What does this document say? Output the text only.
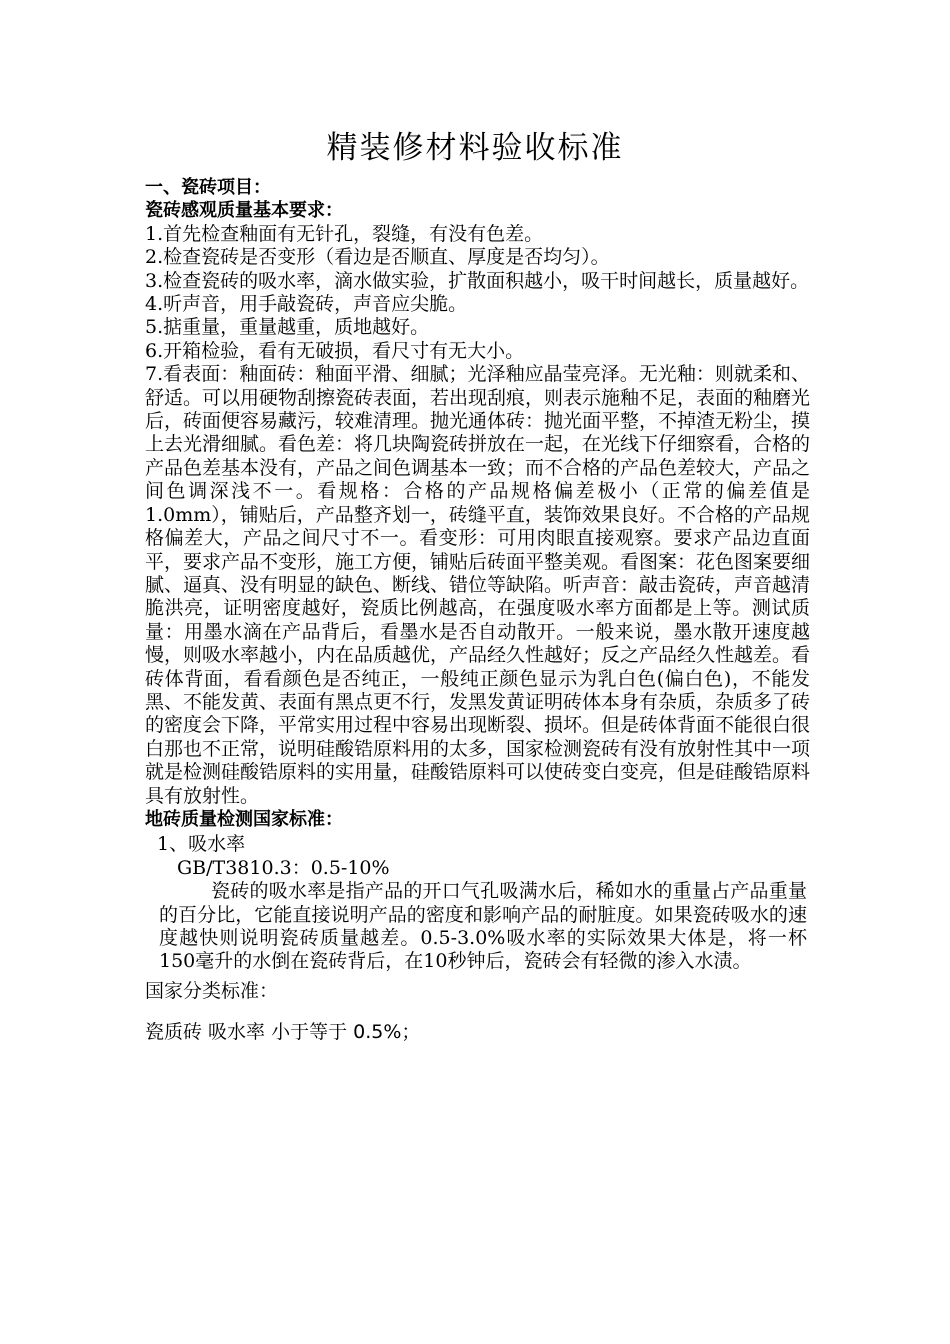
精装修材料验收标准

一、瓷砖项目：

瓷砖感观质量基本要求：

1.首先检查釉面有无针孔，裂缝，有没有色差。

2.检查瓷砖是否变形（看边是否顺直、厚度是否均匀）。

3.检查瓷砖的吸水率，滴水做实验，扩散面积越小，吸干时间越长，质量越好。

4.听声音，用手敲瓷砖，声音应尖脆。

5.掂重量，重量越重，质地越好。

6.开箱检验，看有无破损，看尺寸有无大小。

7.看表面：釉面砖：釉面平滑、细腻；光泽釉应晶莹亮泽。无光釉：则就柔和、舒适。可以用硬物刮擦瓷砖表面，若出现刮痕，则表示施釉不足，表面的釉磨光后，砖面便容易藏污，较难清理。抛光通体砖：抛光面平整，不掉渣无粉尘，摸上去光滑细腻。看色差：将几块陶瓷砖拼放在一起，在光线下仔细察看，合格的产品色差基本没有，产品之间色调基本一致；而不合格的产品色差较大，产品之间色调深浅不一。看规格：合格的产品规格偏差极小（正常的偏差值是1.0mm），铺贴后，产品整齐划一，砖缝平直，装饰效果良好。不合格的产品规格偏差大，产品之间尺寸不一。看变形：可用肉眼直接观察。要求产品边直面平，要求产品不变形，施工方便，铺贴后砖面平整美观。看图案：花色图案要细腻、逼真、没有明显的缺色、断线、错位等缺陷。听声音：敲击瓷砖，声音越清脆洪亮，证明密度越好，瓷质比例越高，在强度吸水率方面都是上等。测试质量：用墨水滴在产品背后，看墨水是否自动散开。一般来说，墨水散开速度越慢，则吸水率越小，内在品质越优，产品经久性越好；反之产品经久性越差。看砖体背面，看看颜色是否纯正，一般纯正颜色显示为乳白色(偏白色)，不能发黑、不能发黄、表面有黑点更不行，发黑发黄证明砖体本身有杂质，杂质多了砖的密度会下降，平常实用过程中容易出现断裂、损坏。但是砖体背面不能很白很白那也不正常，说明硅酸锆原料用的太多，国家检测瓷砖有没有放射性其中一项就是检测硅酸锆原料的实用量，硅酸锆原料可以使砖变白变亮，但是硅酸锆原料具有放射性。

地砖质量检测国家标准：

1、吸水率

GB/T3810.3：0.5-10%

瓷砖的吸水率是指产品的开口气孔吸满水后，稀如水的重量占产品重量的百分比，它能直接说明产品的密度和影响产品的耐脏度。如果瓷砖吸水的速度越快则说明瓷砖质量越差。0.5-3.0%吸水率的实际效果大体是，将一杯150毫升的水倒在瓷砖背后，在10秒钟后，瓷砖会有轻微的渗入水渍。

国家分类标准：

瓷质砖 吸水率 小于等于 0.5%；
